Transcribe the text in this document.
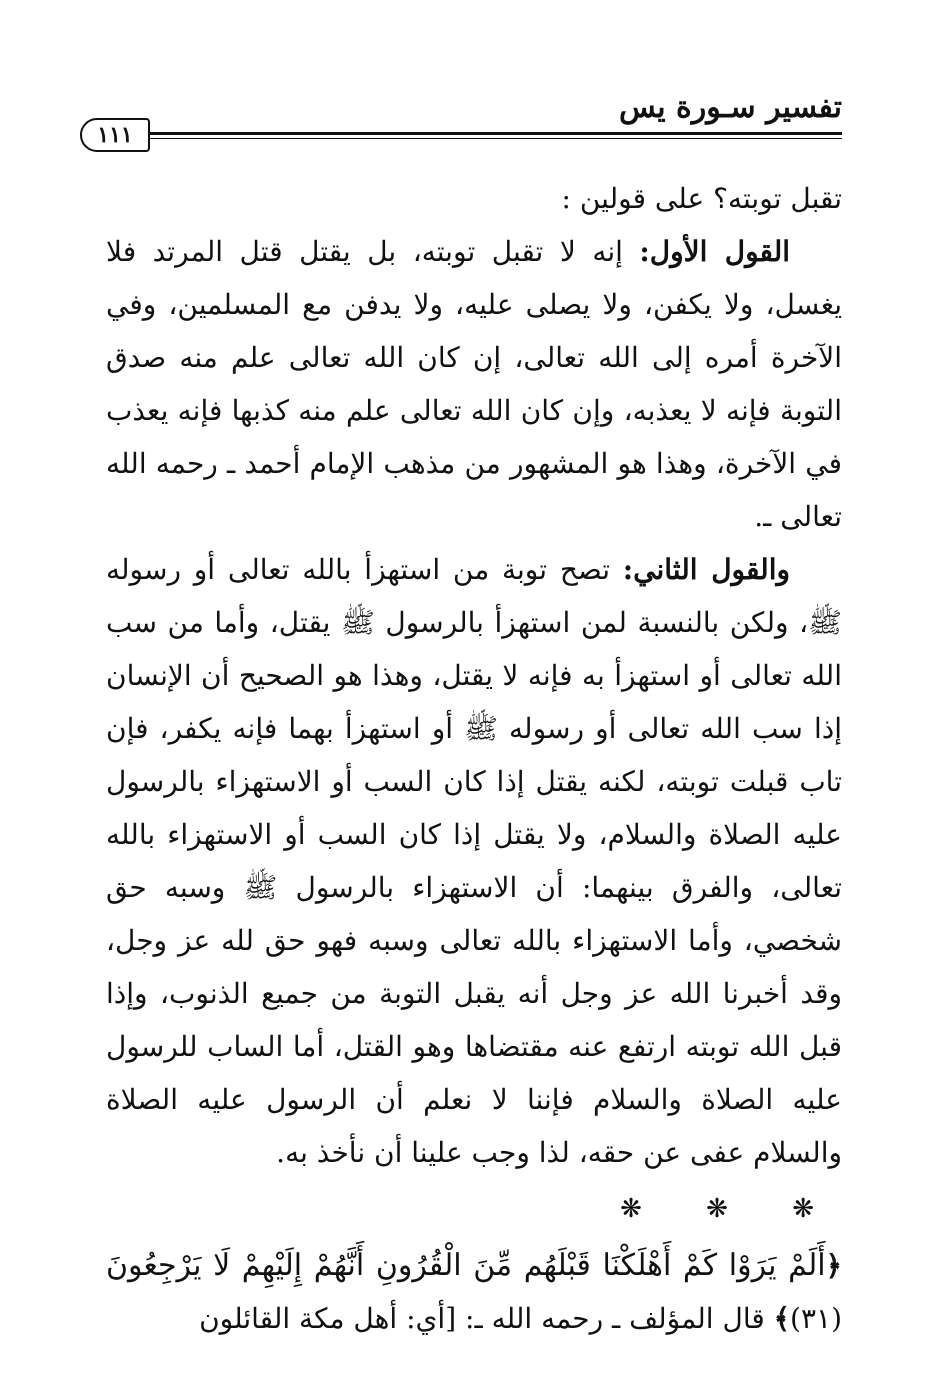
تفسير سـورة يس
١١١

تقبل توبته؟ على قولين :

القول الأول: إنه لا تقبل توبته، بل يقتل قتل المرتد فلا يغسل، ولا يكفن، ولا يصلى عليه، ولا يدفن مع المسلمين، وفي الآخرة أمره إلى الله تعالى، إن كان الله تعالى علم منه صدق التوبة فإنه لا يعذبه، وإن كان الله تعالى علم منه كذبها فإنه يعذب في الآخرة، وهذا هو المشهور من مذهب الإمام أحمد ـ رحمه الله تعالى ـ.

والقول الثاني: تصح توبة من استهزأ بالله تعالى أو رسوله ﷺ، ولكن بالنسبة لمن استهزأ بالرسول ﷺ يقتل، وأما من سب الله تعالى أو استهزأ به فإنه لا يقتل، وهذا هو الصحيح أن الإنسان إذا سب الله تعالى أو رسوله ﷺ أو استهزأ بهما فإنه يكفر، فإن تاب قبلت توبته، لكنه يقتل إذا كان السب أو الاستهزاء بالرسول عليه الصلاة والسلام، ولا يقتل إذا كان السب أو الاستهزاء بالله تعالى، والفرق بينهما: أن الاستهزاء بالرسول ﷺ وسبه حق شخصي، وأما الاستهزاء بالله تعالى وسبه فهو حق لله عز وجل، وقد أخبرنا الله عز وجل أنه يقبل التوبة من جميع الذنوب، وإذا قبل الله توبته ارتفع عنه مقتضاها وهو القتل، أما الساب للرسول عليه الصلاة والسلام فإننا لا نعلم أن الرسول عليه الصلاة والسلام عفى عن حقه، لذا وجب علينا أن نأخذ به.

❋ ❋ ❋

﴿أَلَمْ يَرَوْا كَمْ أَهْلَكْنَا قَبْلَهُم مِّنَ الْقُرُونِ أَنَّهُمْ إِلَيْهِمْ لَا يَرْجِعُونَ (٣١)﴾ قال المؤلف ـ رحمه الله ـ: [أي: أهل مكة القائلون
